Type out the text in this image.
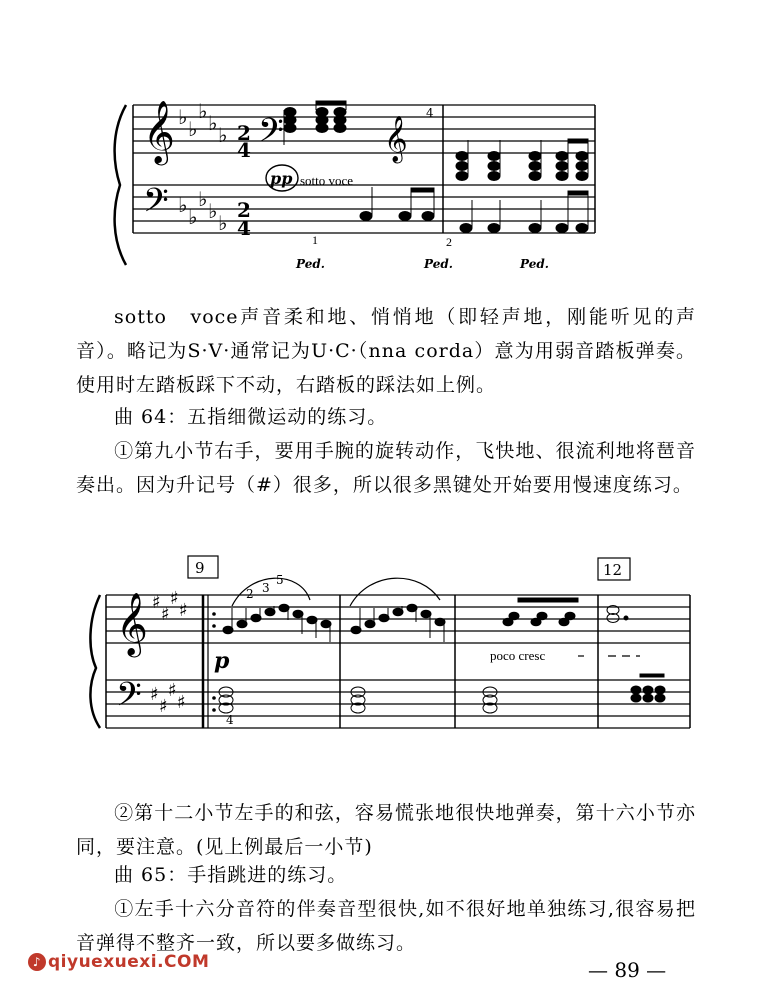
𝄞 ♭ ♭
♭ ♭ ♭ 2
4 𝄢
𝄢 ♭ ♭
♭ ♭ ♭
2
4
𝄞
4
pp sotto voce
1	2
Ped.	Ped.	Ped.
sotto　voce声音柔和地、悄悄地（即轻声地，刚能听见的声音）。略记为S·V·通常记为U·C·（nna corda）意为用弱音踏板弹奏。使用时左踏板踩下不动，右踏板的踩法如上例。
曲 64：五指细微运动的练习。
①第九小节右手，要用手腕的旋转动作，飞快地、很流利地将琶音奏出。因为升记号（#）很多，所以很多黑键处开始要用慢速度练习。
𝄞 ♯
♯
♯
♯
𝄢 ♯
♯
♯
♯
9	12
2 3
5
p	poco cresc
4
②第十二小节左手的和弦，容易慌张地很快地弹奏，第十六小节亦同，要注意。(见上例最后一小节)
曲 65：手指跳进的练习。
①左手十六分音符的伴奏音型很快,如不很好地单独练习,很容易把音弹得不整齐一致，所以要多做练习。
♪ qiyuexuexi.COM	— 89 —
